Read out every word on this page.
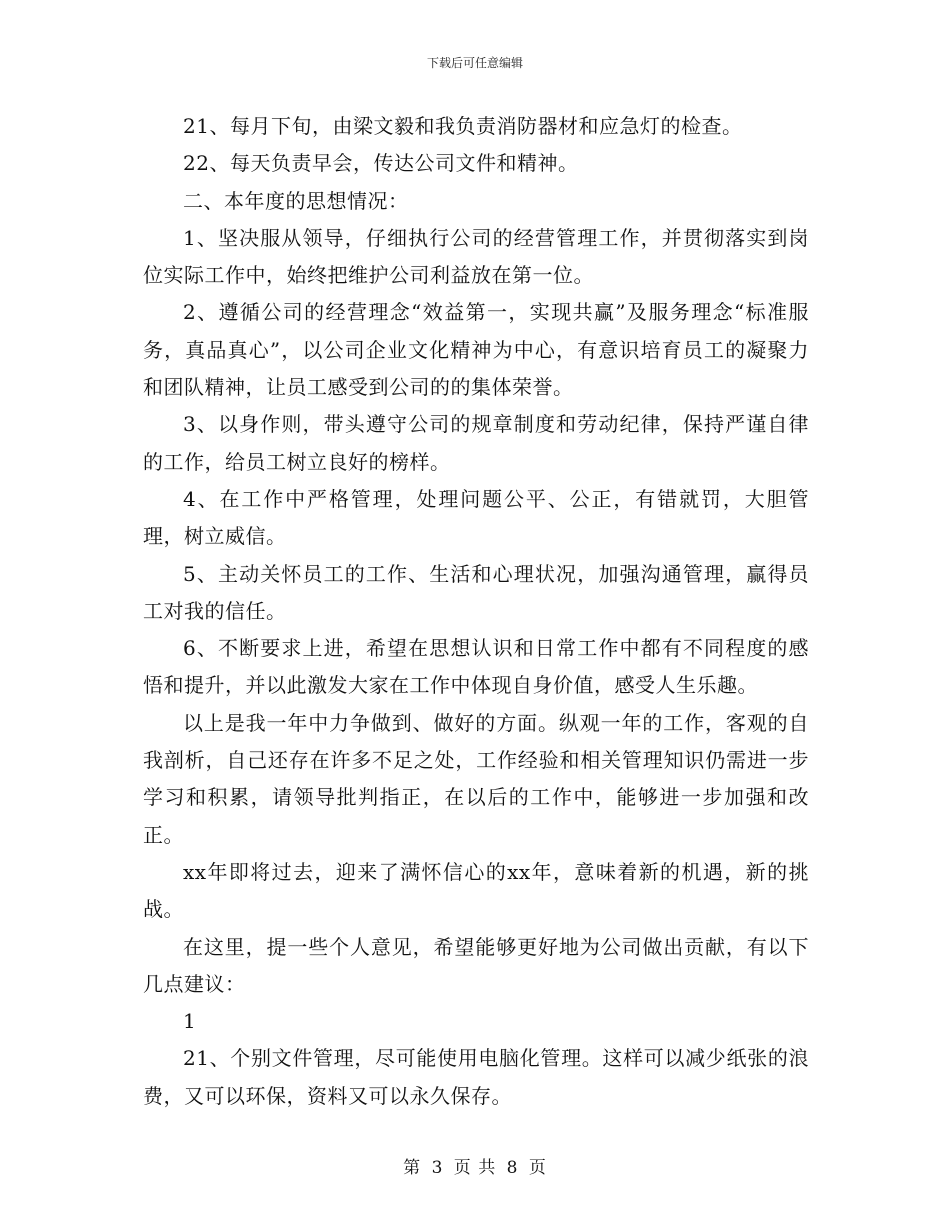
下载后可任意编辑

21、每月下旬，由梁文毅和我负责消防器材和应急灯的检查。

22、每天负责早会，传达公司文件和精神。

二、本年度的思想情况：

1、坚决服从领导，仔细执行公司的经营管理工作，并贯彻落实到岗位实际工作中，始终把维护公司利益放在第一位。

2、遵循公司的经营理念“效益第一，实现共赢”及服务理念“标准服务，真品真心”，以公司企业文化精神为中心，有意识培育员工的凝聚力和团队精神，让员工感受到公司的的集体荣誉。

3、以身作则，带头遵守公司的规章制度和劳动纪律，保持严谨自律的工作，给员工树立良好的榜样。

4、在工作中严格管理，处理问题公平、公正，有错就罚，大胆管理，树立威信。

5、主动关怀员工的工作、生活和心理状况，加强沟通管理，赢得员工对我的信任。

6、不断要求上进，希望在思想认识和日常工作中都有不同程度的感悟和提升，并以此激发大家在工作中体现自身价值，感受人生乐趣。

以上是我一年中力争做到、做好的方面。纵观一年的工作，客观的自我剖析，自己还存在许多不足之处，工作经验和相关管理知识仍需进一步学习和积累，请领导批判指正，在以后的工作中，能够进一步加强和改正。

xx年即将过去，迎来了满怀信心的xx年，意味着新的机遇，新的挑战。

在这里，提一些个人意见，希望能够更好地为公司做出贡献，有以下几点建议：

1

21、个别文件管理，尽可能使用电脑化管理。这样可以减少纸张的浪费，又可以环保，资料又可以永久保存。

第 3 页 共 8 页
